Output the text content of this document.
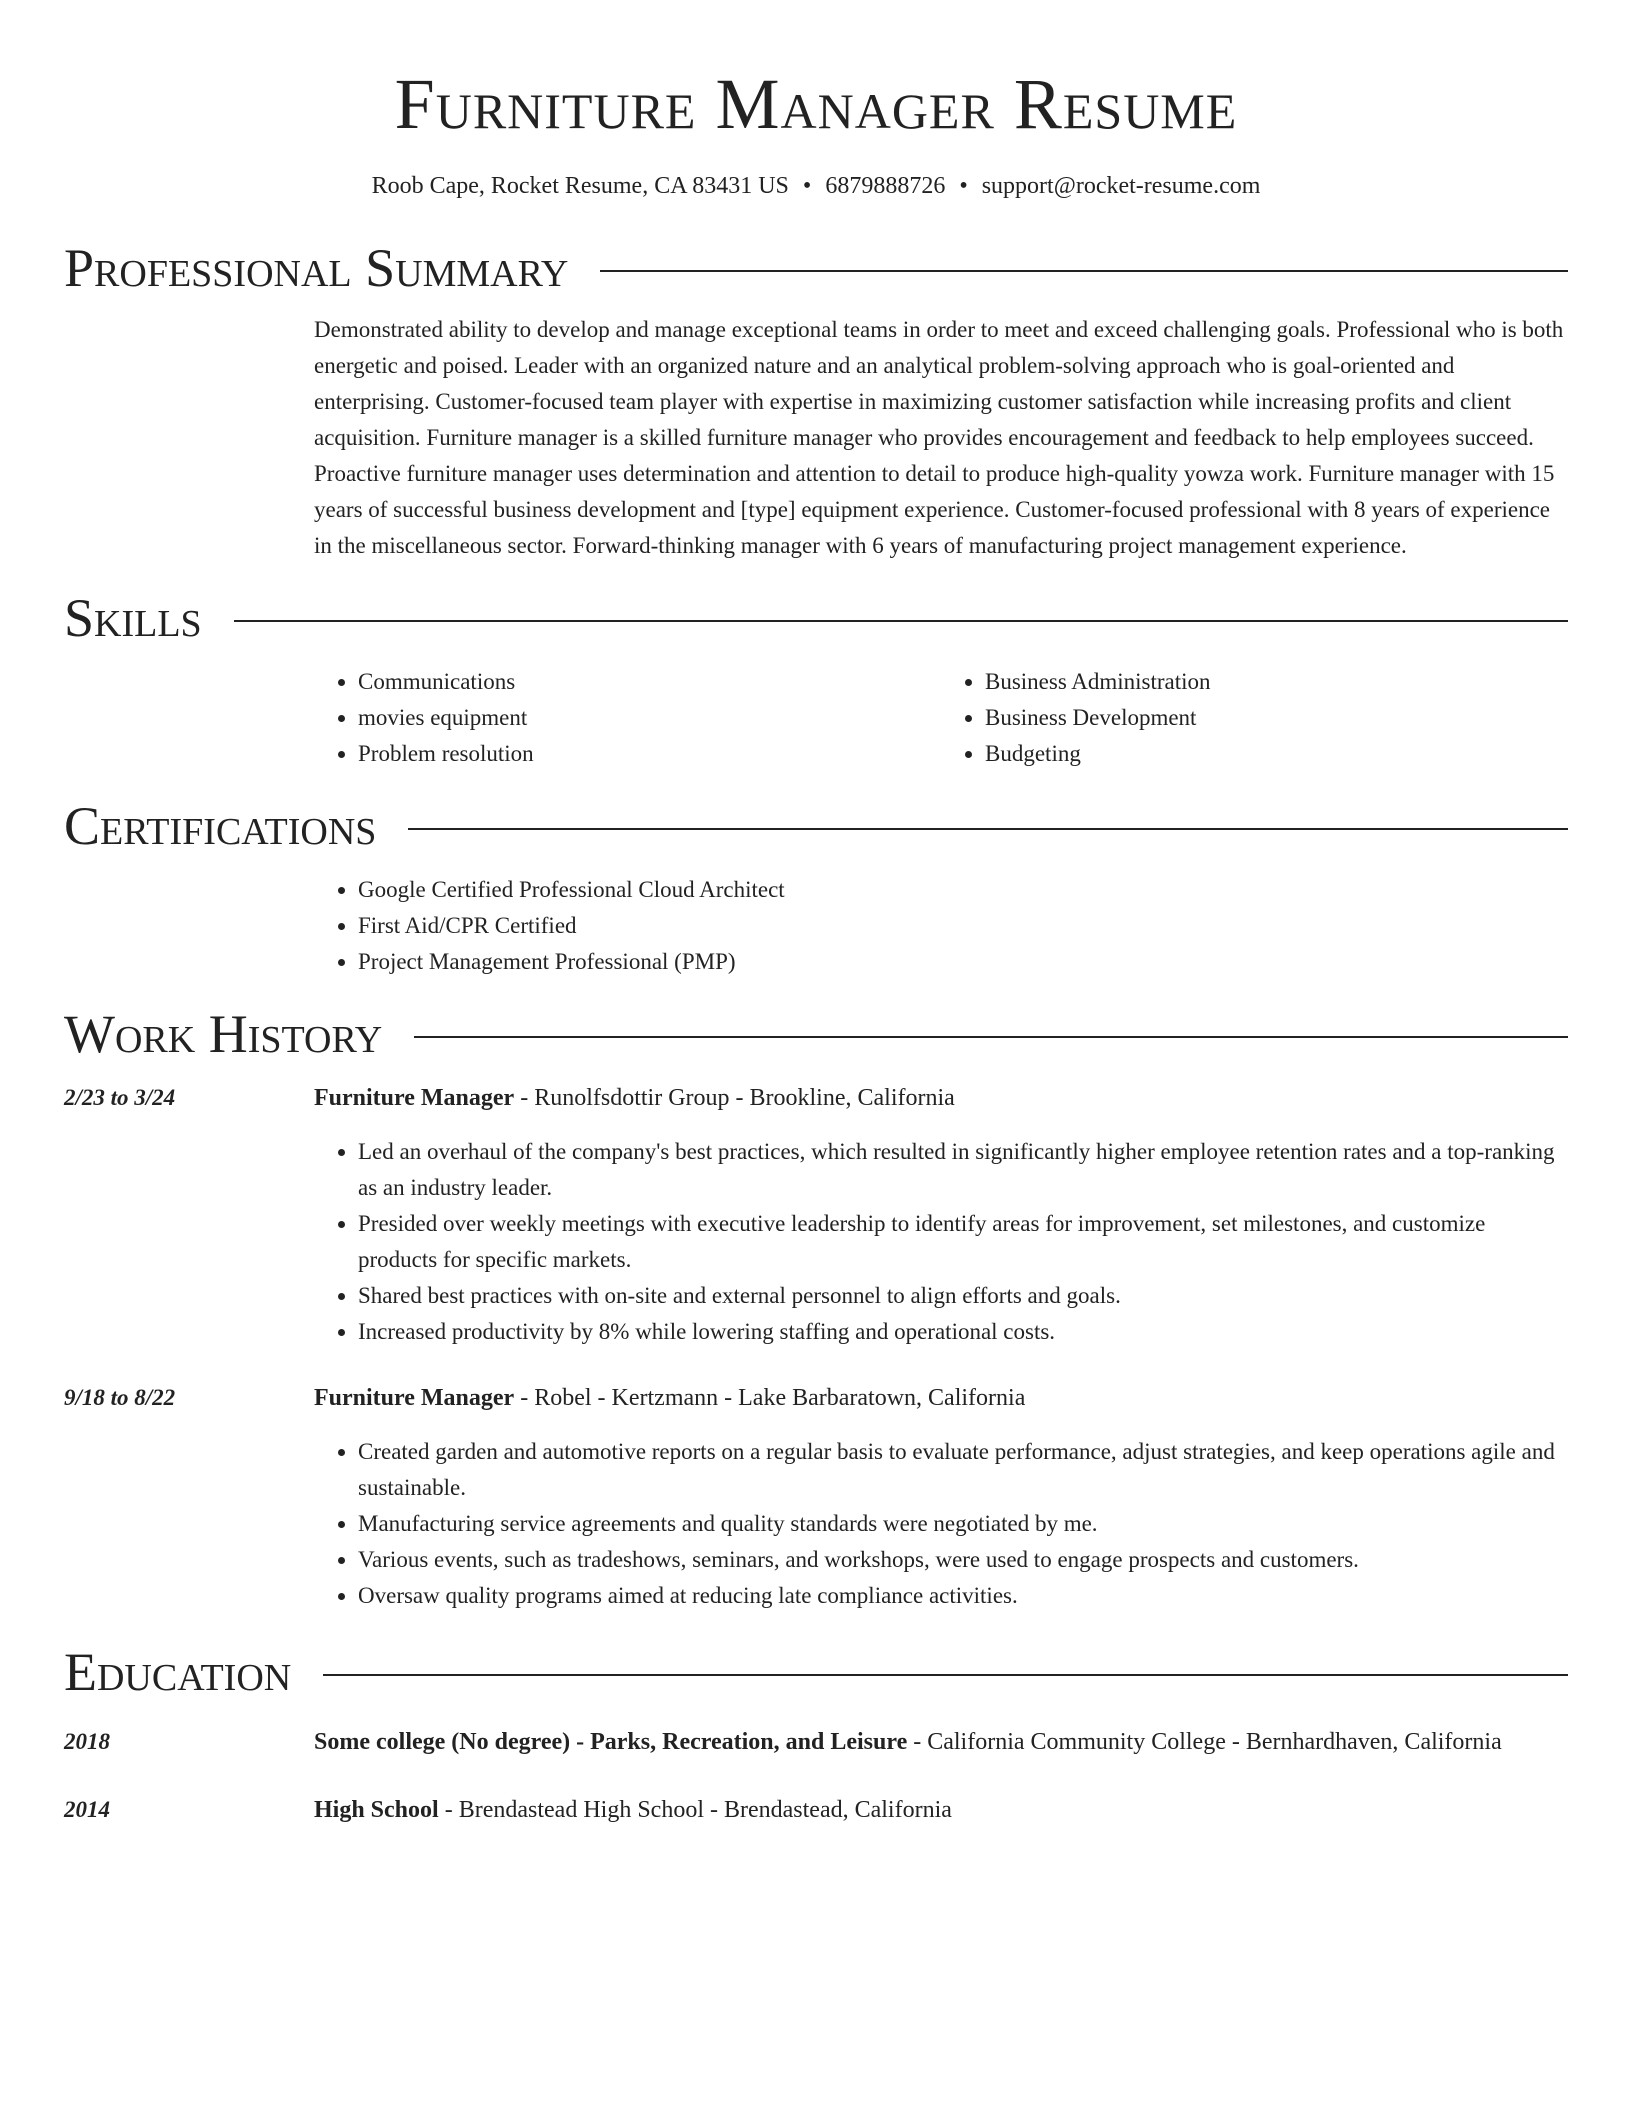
Furniture Manager Resume
Roob Cape, Rocket Resume, CA 83431 US • 6879888726 • support@rocket-resume.com
Professional Summary
Demonstrated ability to develop and manage exceptional teams in order to meet and exceed challenging goals. Professional who is both energetic and poised. Leader with an organized nature and an analytical problem-solving approach who is goal-oriented and enterprising. Customer-focused team player with expertise in maximizing customer satisfaction while increasing profits and client acquisition. Furniture manager is a skilled furniture manager who provides encouragement and feedback to help employees succeed. Proactive furniture manager uses determination and attention to detail to produce high-quality yowza work. Furniture manager with 15 years of successful business development and [type] equipment experience. Customer-focused professional with 8 years of experience in the miscellaneous sector. Forward-thinking manager with 6 years of manufacturing project management experience.
Skills
• Communications
• movies equipment
• Problem resolution
• Business Administration
• Business Development
• Budgeting
Certifications
• Google Certified Professional Cloud Architect
• First Aid/CPR Certified
• Project Management Professional (PMP)
Work History
2/23 to 3/24	Furniture Manager - Runolfsdottir Group - Brookline, California
• Led an overhaul of the company's best practices, which resulted in significantly higher employee retention rates and a top-ranking as an industry leader.
• Presided over weekly meetings with executive leadership to identify areas for improvement, set milestones, and customize products for specific markets.
• Shared best practices with on-site and external personnel to align efforts and goals.
• Increased productivity by 8% while lowering staffing and operational costs.
9/18 to 8/22	Furniture Manager - Robel - Kertzmann - Lake Barbaratown, California
• Created garden and automotive reports on a regular basis to evaluate performance, adjust strategies, and keep operations agile and sustainable.
• Manufacturing service agreements and quality standards were negotiated by me.
• Various events, such as tradeshows, seminars, and workshops, were used to engage prospects and customers.
• Oversaw quality programs aimed at reducing late compliance activities.
Education
2018	Some college (No degree) - Parks, Recreation, and Leisure - California Community College - Bernhardhaven, California
2014	High School - Brendastead High School - Brendastead, California
